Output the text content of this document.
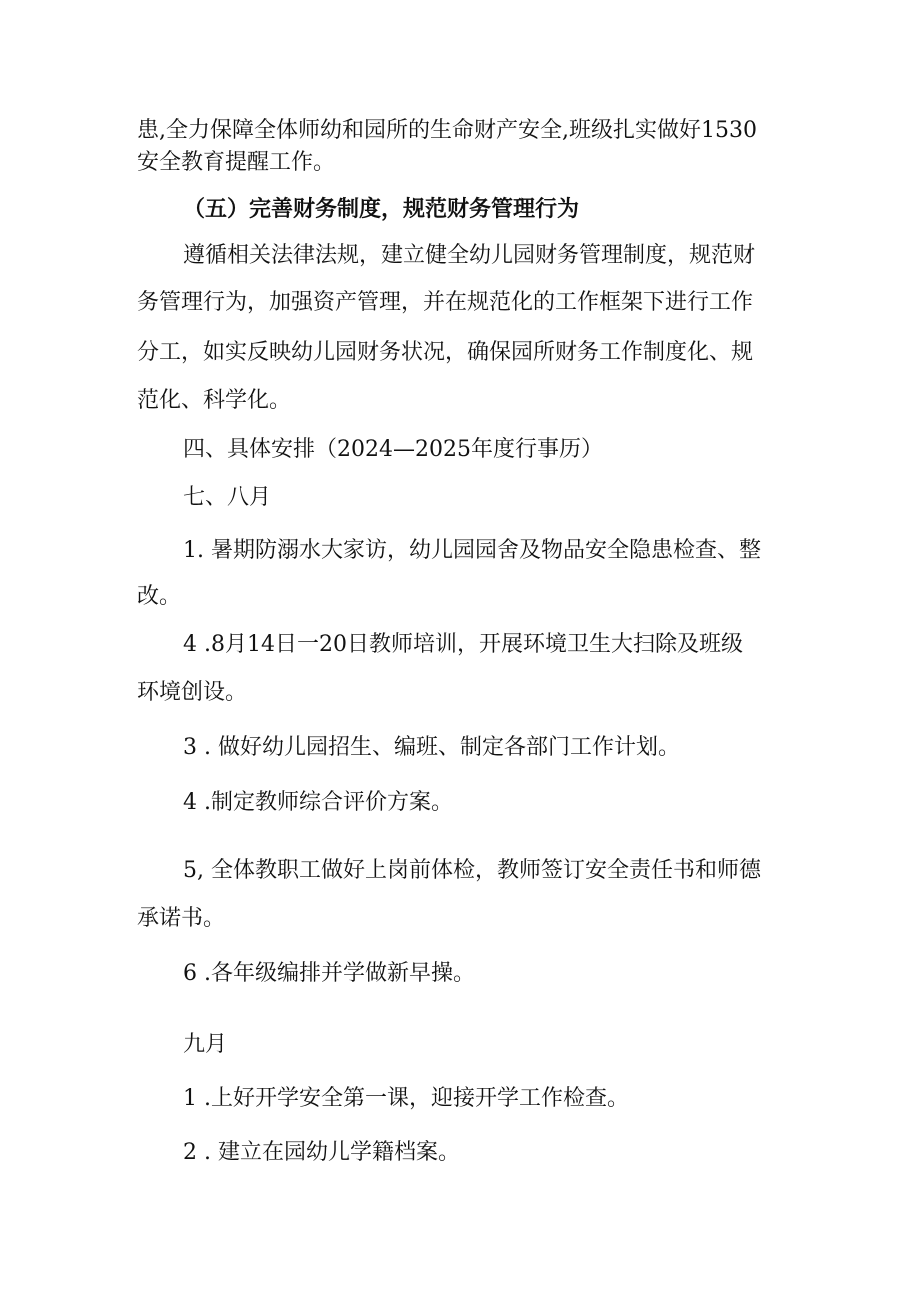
患,全力保障全体师幼和园所的生命财产安全,班级扎实做好1530

安全教育提醒工作。

（五）完善财务制度，规范财务管理行为

遵循相关法律法规，建立健全幼儿园财务管理制度，规范财

务管理行为，加强资产管理，并在规范化的工作框架下进行工作

分工，如实反映幼儿园财务状况，确保园所财务工作制度化、规

范化、科学化。

四、具体安排（2024—2025年度行事历）

七、八月

1. 暑期防溺水大家访，幼儿园园舍及物品安全隐患检查、整

改。

4 .8月14日一20日教师培训，开展环境卫生大扫除及班级

环境创设。

3 . 做好幼儿园招生、编班、制定各部门工作计划。

4 .制定教师综合评价方案。

5, 全体教职工做好上岗前体检，教师签订安全责任书和师德

承诺书。

6 .各年级编排并学做新早操。

九月

1 .上好开学安全第一课，迎接开学工作检查。

2 . 建立在园幼儿学籍档案。
